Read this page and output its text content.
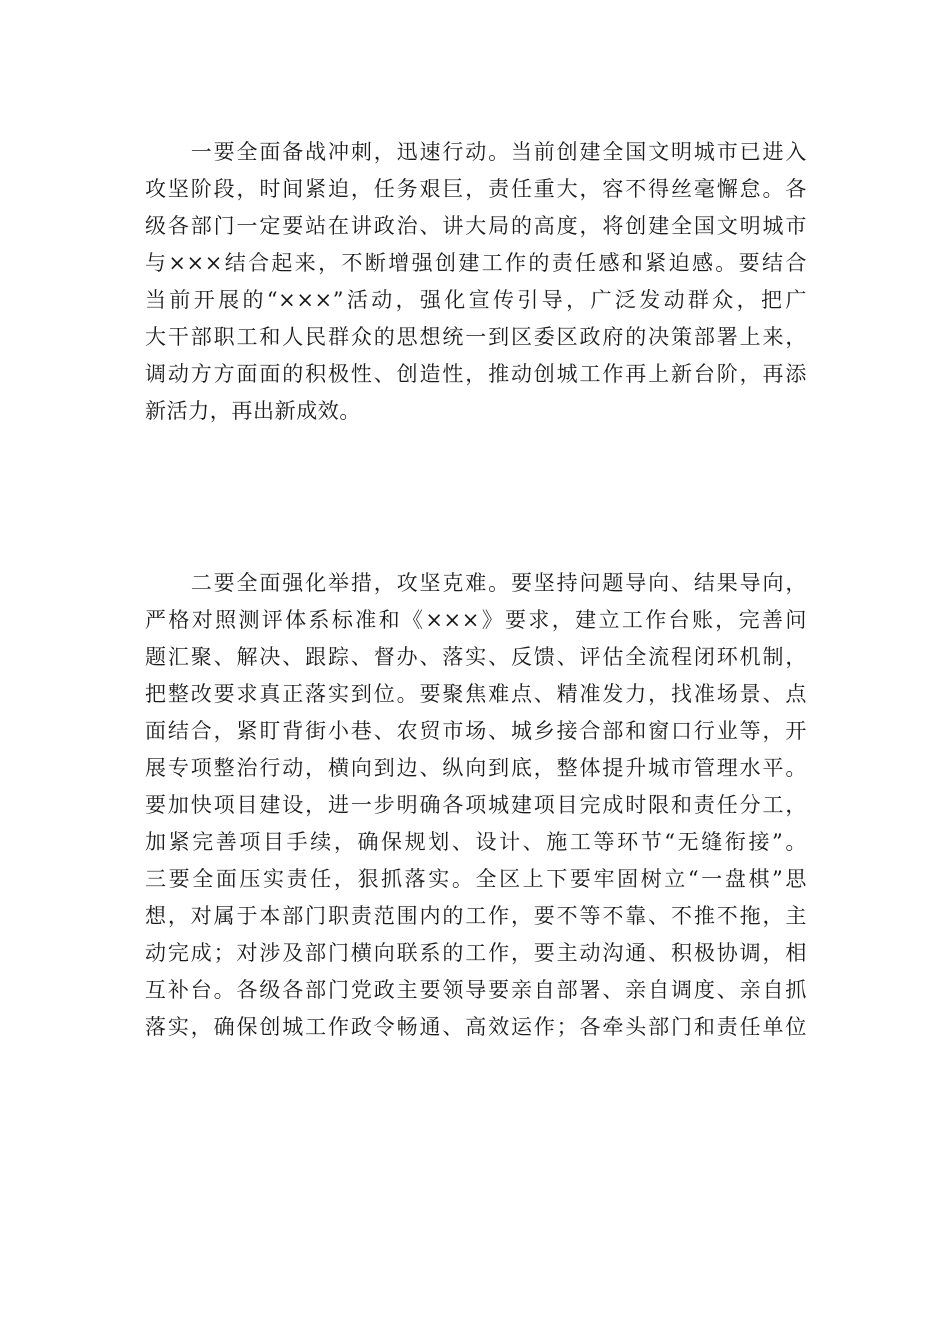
　　一要全面备战冲刺，迅速行动。当前创建全国文明城市已进入
攻坚阶段，时间紧迫，任务艰巨，责任重大，容不得丝毫懈怠。各
级各部门一定要站在讲政治、讲大局的高度，将创建全国文明城市
与×××结合起来，不断增强创建工作的责任感和紧迫感。要结合
当前开展的“×××”活动，强化宣传引导，广泛发动群众，把广
大干部职工和人民群众的思想统一到区委区政府的决策部署上来，
调动方方面面的积极性、创造性，推动创城工作再上新台阶，再添
新活力，再出新成效。
　　二要全面强化举措，攻坚克难。要坚持问题导向、结果导向，
严格对照测评体系标准和《×××》要求，建立工作台账，完善问
题汇聚、解决、跟踪、督办、落实、反馈、评估全流程闭环机制，
把整改要求真正落实到位。要聚焦难点、精准发力，找准场景、点
面结合，紧盯背街小巷、农贸市场、城乡接合部和窗口行业等，开
展专项整治行动，横向到边、纵向到底，整体提升城市管理水平。
要加快项目建设，进一步明确各项城建项目完成时限和责任分工，
加紧完善项目手续，确保规划、设计、施工等环节“无缝衔接”。
三要全面压实责任，狠抓落实。全区上下要牢固树立“一盘棋”思
想，对属于本部门职责范围内的工作，要不等不靠、不推不拖，主
动完成；对涉及部门横向联系的工作，要主动沟通、积极协调，相
互补台。各级各部门党政主要领导要亲自部署、亲自调度、亲自抓
落实，确保创城工作政令畅通、高效运作；各牵头部门和责任单位
